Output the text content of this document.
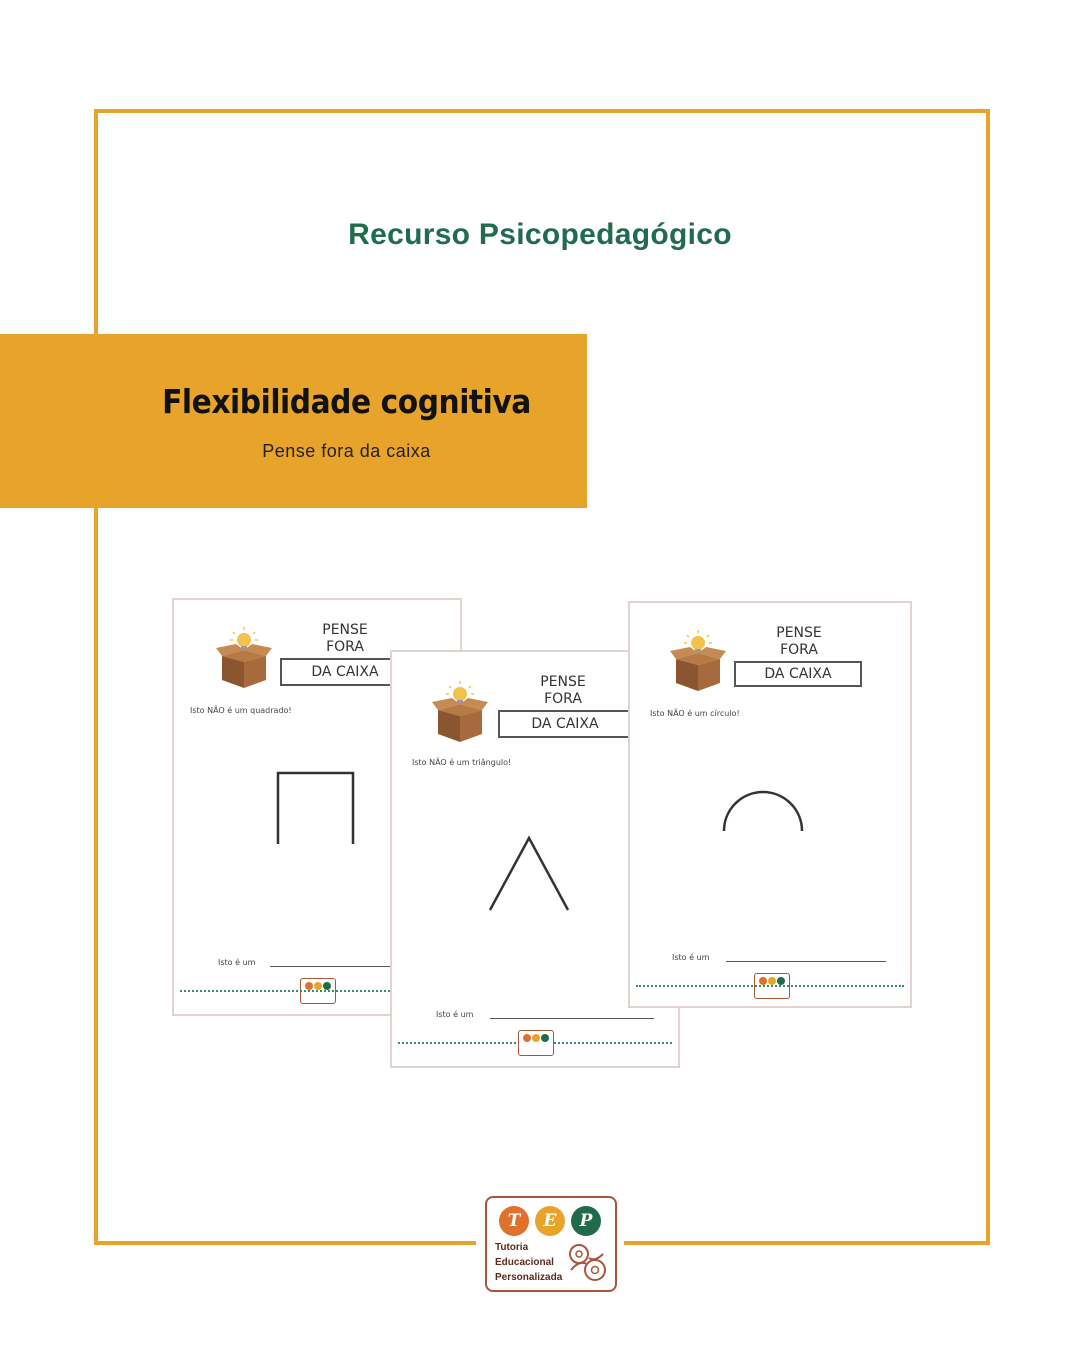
Recurso Psicopedagógico
Flexibilidade cognitiva
Pense fora da caixa
PENSE
FORA
DA CAIXA
Isto NÃO é um quadrado!
Isto é um
PENSE
FORA
DA CAIXA
Isto NÃO é um círculo!
Isto é um
PENSE
FORA
DA CAIXA
Isto NÃO é um triângulo!
Isto é um
T	E	P
Tutoria
Educacional
Personalizada
